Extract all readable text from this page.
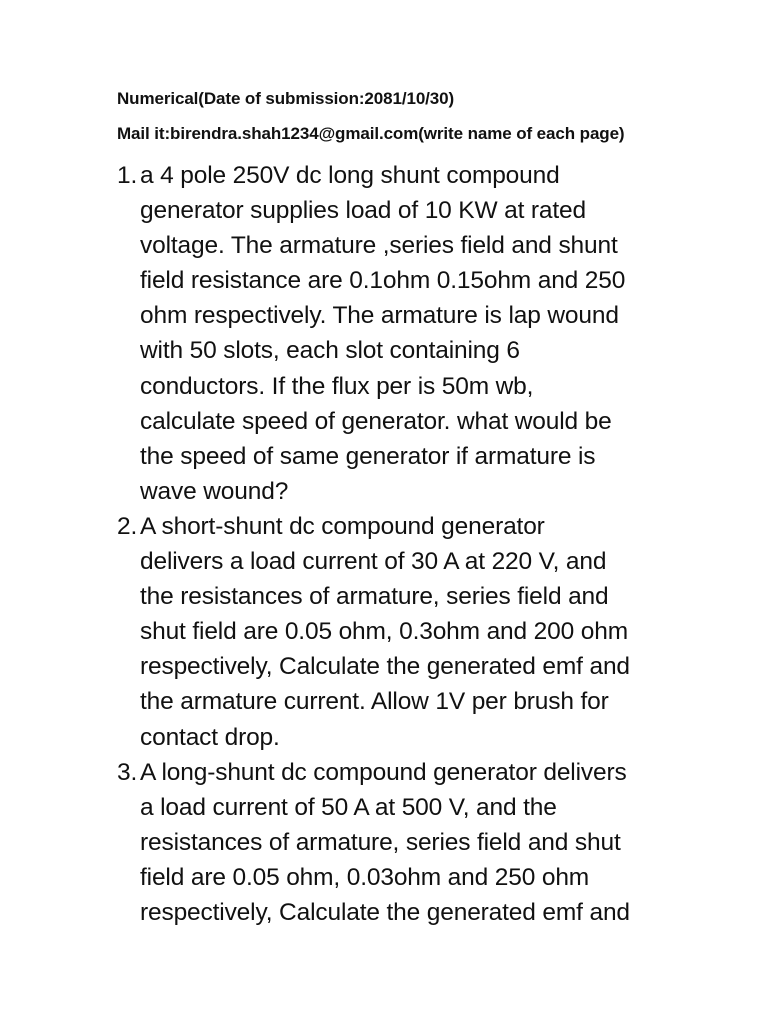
Numerical(Date of submission:2081/10/30)
Mail it:birendra.shah1234@gmail.com(write name of each page)
1. a 4 pole 250V dc long shunt compound
generator supplies load of 10 KW at rated
voltage. The armature ,series field and shunt
field resistance are 0.1ohm 0.15ohm and 250
ohm respectively. The armature is lap wound
with 50 slots, each slot containing 6
conductors. If the flux per is 50m wb,
calculate speed of generator. what would be
the speed of same generator if armature is
wave wound?
2. A short-shunt dc compound generator
delivers a load current of 30 A at 220 V, and
the resistances of armature, series field and
shut field are 0.05 ohm, 0.3ohm and 200 ohm
respectively, Calculate the generated emf and
the armature current. Allow 1V per brush for
contact drop.
3. A long-shunt dc compound generator delivers
a load current of 50 A at 500 V, and the
resistances of armature, series field and shut
field are 0.05 ohm, 0.03ohm and 250 ohm
respectively, Calculate the generated emf and
